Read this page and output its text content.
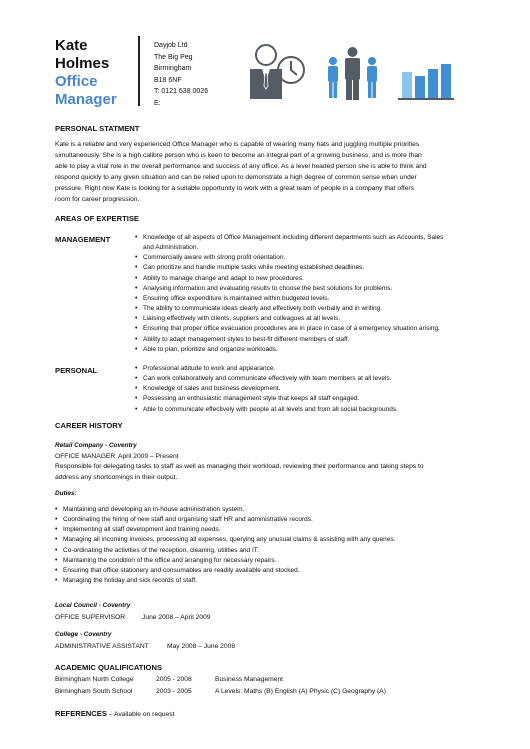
Kate
Holmes
Office
Manager
Dayjob Ltd
The Big Peg
Birmingham
B18 6NF
T: 0121 638 0026
E:
PERSONAL STATMENT
Kate is a reliable and very experienced Office Manager who is capable of wearing many hats and juggling multiple priorities
simultaneously. She is a high calibre person who is keen to become an integral part of a growing business, and is more than
able to play a vital role in the overall performance and success of any office. As a level headed person she is able to think and
respond quickly to any given situation and can be relied upon to demonstrate a high degree of common sense when under
pressure. Right now Kate is looking for a suitable opportunity to work with a great team of people in a company that offers
room for career progression.
AREAS OF EXPERTISE
MANAGEMENT	• Knowledge of all aspects of Office Management including different departments such as Accounts, Sales
and Administration.
• Commercially aware with strong profit orientation.
• Can prioritize and handle multiple tasks while meeting established deadlines.
• Ability to manage change and adapt to new procedures.
• Analysing information and evaluating results to choose the best solutions for problems.
• Ensuring office expenditure is maintained within budgeted levels.
• The ability to communicate ideas clearly and effectively both verbally and in writing.
• Liaising effectively with clients, suppliers and colleagues at all levels.
• Ensuring that proper office evacuation procedures are in place in case of a emergency situation arising.
• Ability to adapt management styles to best-fit different members of staff.
• Able to plan, prioritize and organize workloads.
PERSONAL	• Professional attitude to work and appearance.
• Can work collaboratively and communicate effectively with team members at all levels.
• Knowledge of sales and business development.
• Possessing an enthusiastic management style that keeps all staff engaged.
• Able to communicate effectively with people at all levels and from all social backgrounds.
CAREER HISTORY
Retail Company - Coventry
OFFICE MANAGER April 2009 – Present
Responsible for delegating tasks to staff as well as managing their workload, reviewing their performance and taking steps to
address any shortcomings in their output.
Duties:
• Maintaining and developing an in-house administration system.
• Coordinating the hiring of new staff and organising staff HR and administrative records.
• Implementing all staff development and training needs.
• Managing all incoming invoices, processing all expenses, querying any unusual claims & assisting with any queries.
• Co-ordinating the activities of the reception, cleaning, utilities and IT.
• Maintaining the condition of the office and arranging for necessary repairs.
• Ensuring that office stationery and consumables are readily available and stocked.
• Managing the holiday and sick records of staff.
Local Council - Coventry
OFFICE SUPERVISOR	June 2008 – April 2009
College - Coventry
ADMINISTRATIVE ASSISTANT	May 2008 – June 2008
ACADEMIC QUALIFICATIONS
Birmingham North College	2005 - 2008	Business Management
Birmingham South School	2003 - 2005	A Levels: Maths (B) English (A) Physic (C) Geography (A)
REFERENCES – Available on request
